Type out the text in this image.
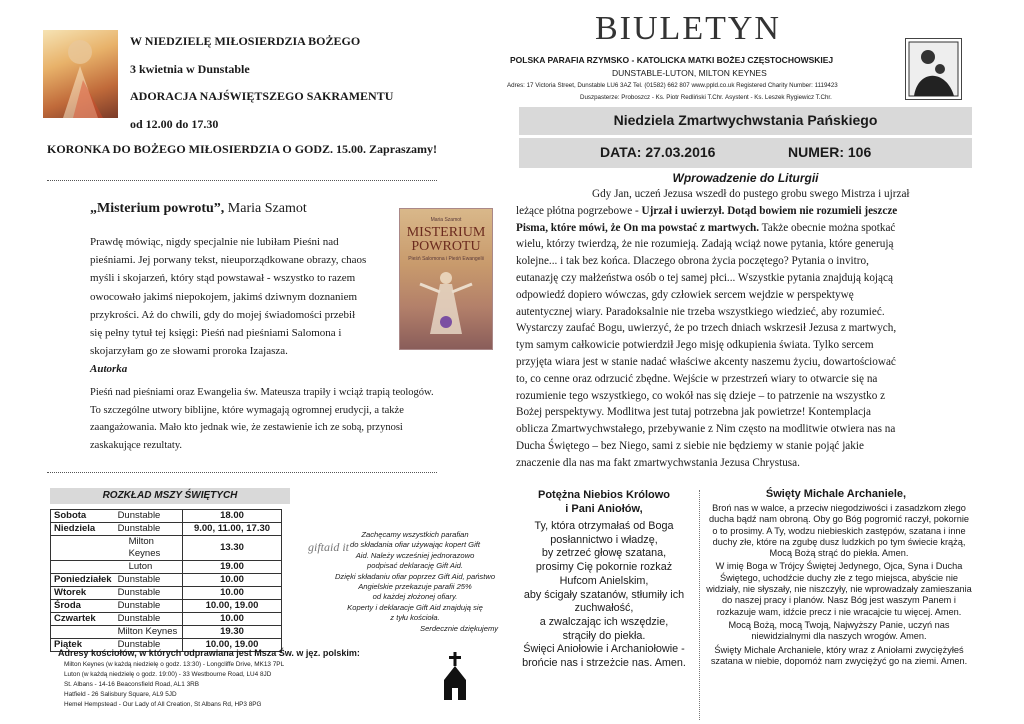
W NIEDZIELĘ MIŁOSIERDZIA BOŻEGO
3 kwietnia w Dunstable
ADORACJA NAJŚWIĘTSZEGO SAKRAMENTU
od 12.00 do 17.30
KORONKA DO BOŻEGO MIŁOSIERDZIA O GODZ. 15.00. Zapraszamy!
BIULETYN
POLSKA PARAFIA RZYMSKO - KATOLICKA MATKI BOŻEJ CZĘSTOCHOWSKIEJ
DUNSTABLE-LUTON, MILTON KEYNES
Adres: 17 Victoria Street, Dunstable LU6 3AZ Tel. (01582) 662 807 www.ppld.co.uk Registered Charity Number: 1119423
Duszpasterze: Proboszcz - Ks. Piotr Redliński T.Chr. Asystent - Ks. Leszek Rygiewicz T.Chr.
Niedziela Zmartwychwstania Pańskiego
DATA: 27.03.2016	NUMER: 106
„Misterium powrotu”, Maria Szamot
Prawdę mówiąc, nigdy specjalnie nie lubiłam Pieśni nad
pieśniami. Jej porwany tekst, nieuporządkowane obrazy, chaos
myśli i skojarzeń, który stąd powstawał - wszystko to razem
owocowało jakimś niepokojem, jakimś dziwnym doznaniem
przykrości. Aż do chwili, gdy do mojej świadomości przebił
się pełny tytuł tej księgi: Pieśń nad pieśniami Salomona i
skojarzyłam go ze słowami proroka Izajasza.
Autorka
Pieśń nad pieśniami oraz Ewangelia św. Mateusza trapiły i wciąż trapią teologów.
To szczególne utwory biblijne, które wymagają ogromnej erudycji, a także
zaangażowania. Mało kto jednak wie, że zestawienie ich ze sobą, przynosi
zaskakujące rezultaty.
Maria Szamot
MISTERIUM POWROTU
Pieśń Salomona i Pieśń Ewangelii
Wprowadzenie do Liturgii
Gdy Jan, uczeń Jezusa wszedł do pustego grobu swego Mistrza i ujrzał
leżące płótna pogrzebowe - Ujrzał i uwierzył. Dotąd bowiem nie rozumieli jeszcze
Pisma, które mówi, że On ma powstać z martwych. Także obecnie można spotkać
wielu, którzy twierdzą, że nie rozumieją. Zadają wciąż nowe pytania, które generują
kolejne... i tak bez końca. Dlaczego obrona życia poczętego? Pytania o invitro,
eutanazję czy małżeństwa osób o tej samej płci... Wszystkie pytania znajdują kojącą
odpowiedź dopiero wówczas, gdy człowiek sercem wejdzie w perspektywę
autentycznej wiary. Paradoksalnie nie trzeba wszystkiego wiedzieć, aby rozumieć.
Wystarczy zaufać Bogu, uwierzyć, że po trzech dniach wskrzesił Jezusa z martwych,
tym samym całkowicie potwierdził Jego misję odkupienia świata. Tylko sercem
przyjęta wiara jest w stanie nadać właściwe akcenty naszemu życiu, dowartościować
to, co cenne oraz odrzucić zbędne. Wejście w przestrzeń wiary to otwarcie się na
rozumienie tego wszystkiego, co wokół nas się dzieje – to patrzenie na wszystko z
Bożej perspektywy. Modlitwa jest tutaj potrzebna jak powietrze! Kontemplacja
oblicza Zmartwychwstałego, przebywanie z Nim często na modlitwie otwiera nas na
Ducha Świętego – bez Niego, sami z siebie nie będziemy w stanie pojąć jakie
znaczenie dla nas ma fakt zmartwychwstania Jezusa Chrystusa.
ROZKŁAD MSZY ŚWIĘTYCH
Sobota	Dunstable	18.00
Niedziela	Dunstable	9.00, 11.00, 17.30
	Milton Keynes	13.30
	Luton	19.00
Poniedziałek	Dunstable	10.00
Wtorek	Dunstable	10.00
Środa	Dunstable	10.00, 19.00
Czwartek	Dunstable	10.00
	Milton Keynes	19.30
Piątek	Dunstable	10.00, 19.00
giftaid it
Zachęcamy wszystkich parafian
do składania ofiar używając kopert Gift
Aid. Należy wcześniej jednorazowo
podpisać deklarację Gift Aid.
Dzięki składaniu ofiar poprzez Gift Aid, państwo
Angielskie przekazuje parafii 25%
od każdej złożonej ofiary.
Koperty i deklaracje Gift Aid znajdują się
z tyłu kościoła.
Serdecznie dziękujemy
Adresy kościołów, w których odprawiana jest Msza Św. w jęz. polskim:
Milton Keynes (w każdą niedzielę o godz. 13:30) - Longcliffe Drive, MK13 7PL
Luton (w każdą niedzielę o godz. 19:00) - 33 Westbourne Road, LU4 8JD
St. Albans - 14-16 Beaconsfield Road, AL1 3RB
Hatfield - 26 Salisbury Square, AL9 5JD
Hemel Hempstead - Our Lady of All Creation, St Albans Rd, HP3 8PG
Potężna Niebios Królowo
i Pani Aniołów,
Ty, która otrzymałaś od Boga
posłannictwo i władzę,
by zetrzeć głowę szatana,
prosimy Cię pokornie rozkaż
Hufcom Anielskim,
aby ścigały szatanów, stłumiły ich
zuchwałość,
a zwalczając ich wszędzie,
strąciły do piekła.
Święci Aniołowie i Archaniołowie -
brońcie nas i strzeżcie nas. Amen.
Święty Michale Archaniele,
Broń nas w walce, a przeciw niegodziwości i zasadzkom złego ducha bądź nam obroną. Oby go Bóg pogromić raczył, pokornie o to prosimy. A Ty, wodzu niebieskich zastępów, szatana i inne duchy złe, które na zgubę dusz ludzkich po tym świecie krążą, Mocą Bożą strąć do piekła. Amen.
W imię Boga w Trójcy Świętej Jedynego, Ojca, Syna i Ducha Świętego, uchodźcie duchy złe z tego miejsca, abyście nie widziały, nie słyszały, nie niszczyły, nie wprowadzały zamieszania do naszej pracy i planów. Nasz Bóg jest waszym Panem i rozkazuje wam, idźcie precz i nie wracajcie tu więcej. Amen.
Mocą Bożą, mocą Twoją, Najwyższy Panie, uczyń nas niewidzialnymi dla naszych wrogów. Amen.
Święty Michale Archaniele, który wraz z Aniołami zwyciężyłeś szatana w niebie, dopomóż nam zwyciężyć go na ziemi. Amen.
